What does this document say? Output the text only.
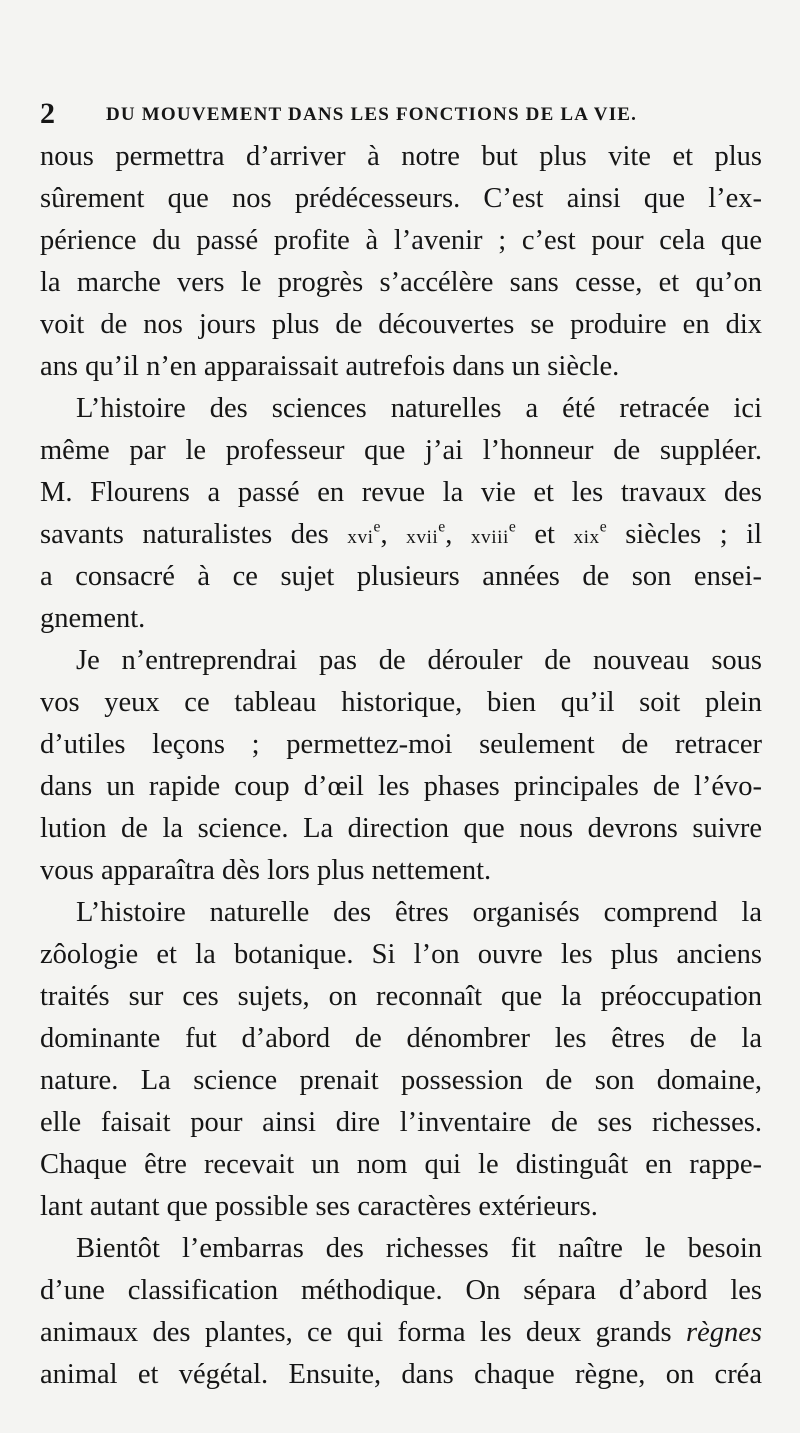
2	DU MOUVEMENT DANS LES FONCTIONS DE LA VIE.
nous permettra d’arriver à notre but plus vite et plus
sûrement que nos prédécesseurs. C’est ainsi que l’ex-
périence du passé profite à l’avenir ; c’est pour cela que
la marche vers le progrès s’accélère sans cesse, et qu’on
voit de nos jours plus de découvertes se produire en dix
ans qu’il n’en apparaissait autrefois dans un siècle.
L’histoire des sciences naturelles a été retracée ici
même par le professeur que j’ai l’honneur de suppléer.
M. Flourens a passé en revue la vie et les travaux des
savants naturalistes des xvi$^e$, xvii$^e$, xviii$^e$ et xix$^e$ siècles ; il
a consacré à ce sujet plusieurs années de son ensei-
gnement.
Je n’entreprendrai pas de dérouler de nouveau sous
vos yeux ce tableau historique, bien qu’il soit plein
d’utiles leçons ; permettez-moi seulement de retracer
dans un rapide coup d’œil les phases principales de l’évo-
lution de la science. La direction que nous devrons suivre
vous apparaîtra dès lors plus nettement.
L’histoire naturelle des êtres organisés comprend la
zôologie et la botanique. Si l’on ouvre les plus anciens
traités sur ces sujets, on reconnaît que la préoccupation
dominante fut d’abord de dénombrer les êtres de la
nature. La science prenait possession de son domaine,
elle faisait pour ainsi dire l’inventaire de ses richesses.
Chaque être recevait un nom qui le distinguât en rappe-
lant autant que possible ses caractères extérieurs.
Bientôt l’embarras des richesses fit naître le besoin
d’une classification méthodique. On sépara d’abord les
animaux des plantes, ce qui forma les deux grands règnes
animal et végétal. Ensuite, dans chaque règne, on créa
